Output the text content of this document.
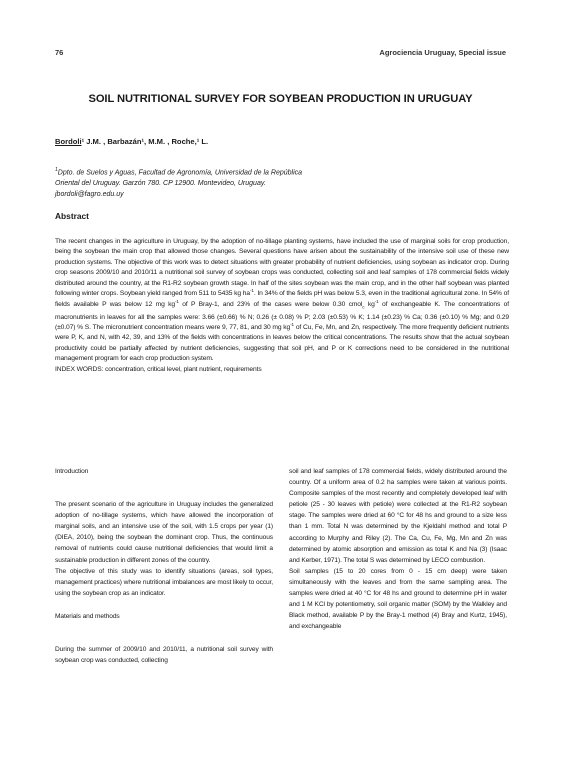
76	Agrociencia Uruguay, Special issue
SOIL NUTRITIONAL SURVEY FOR SOYBEAN PRODUCTION IN URUGUAY
Bordoli¹ J.M. , Barbazán¹, M.M. , Roche,¹ L.
$^1$Dpto. de Suelos y Aguas, Facultad de Agronomía, Universidad de la República
Oriental del Uruguay. Garzón 780. CP 12900. Montevideo, Uruguay.
jbordoli@fagro.edu.uy
Abstract
The recent changes in the agriculture in Uruguay, by the adoption of no-tillage planting systems, have included the use of marginal soils for crop production, being the soybean the main crop that allowed those changes. Several questions have arisen about the sustainability of the intensive soil use of these new production systems. The objective of this work was to detect situations with greater probability of nutrient deficiencies, using soybean as indicator crop. During crop seasons 2009/10 and 2010/11 a nutritional soil survey of soybean crops was conducted, collecting soil and leaf samples of 178 commercial fields widely distributed around the country, at the R1-R2 soybean growth stage. In half of the sites soybean was the main crop, and in the other half soybean was planted following winter crops. Soybean yield ranged from 511 to 5435 kg $ha^{-1}$. In 34% of the fields pH was below 5.3, even in the traditional agricultural zone. In 54% of fields available P was below 12 mg $kg^{-1}$ of P Bray-1, and 23% of the cases were below 0.30 cmol$_c$ $kg^{-1}$ of exchangeable K. The concentrations of macronutrients in leaves for all the samples were: 3.66 (±0.66) % N; 0.26 (± 0.08) % P; 2.03 (±0.53) % K; 1.14 (±0.23) % Ca; 0.36 (±0.10) % Mg; and 0.29 (±0.07) % S. The micronutrient concentration means were 9, 77, 81, and 30 mg $kg^{-1}$ of Cu, Fe, Mn, and Zn, respectively. The more frequently deficient nutrients were P, K, and N, with 42, 39, and 13% of the fields with concentrations in leaves below the critical concentrations. The results show that the actual soybean productivity could be partially affected by nutrient deficiencies, suggesting that soil pH, and P or K corrections need to be considered in the nutritional management program for each crop production system.
INDEX WORDS: concentration, critical level, plant nutrient, requirements

Introduction

The present scenario of the agriculture in Uruguay includes the generalized adoption of no-tillage systems, which have allowed the incorporation of marginal soils, and an intensive use of the soil, with 1.5 crops per year (1) (DIEA, 2010), being the soybean the dominant crop. Thus, the continuous removal of nutrients could cause nutritional deficiencies that would limit a sustainable production in different zones of the country.

The objective of this study was to identify situations (areas, soil types, management practices) where nutritional imbalances are most likely to occur, using the soybean crop as an indicator.

Materials and methods

During the summer of 2009/10 and 2010/11, a nutritional soil survey with soybean crop was conducted, collecting

soil and leaf samples of 178 commercial fields, widely distributed around the country. Of a uniform area of 0.2 ha samples were taken at various points. Composite samples of the most recently and completely developed leaf with petiole (25 - 30 leaves with petiole) were collected at the R1-R2 soybean stage. The samples were dried at 60 °C for 48 hs and ground to a size less than 1 mm. Total N was determined by the Kjeldahl method and total P according to Murphy and Riley (2). The Ca, Cu, Fe, Mg, Mn and Zn was determined by atomic absorption and emission as total K and Na (3) (Isaac and Kerber, 1971). The total S was determined by LECO combustion.

Soil samples (15 to 20 cores from 0 - 15 cm deep) were taken simultaneously with the leaves and from the same sampling area. The samples were dried at 40 °C for 48 hs and ground to determine pH in water and 1 M KCl by potentiometry, soil organic matter (SOM) by the Walkley and Black method, available P by the Bray-1 method (4) Bray and Kurtz, 1945), and exchangeable
